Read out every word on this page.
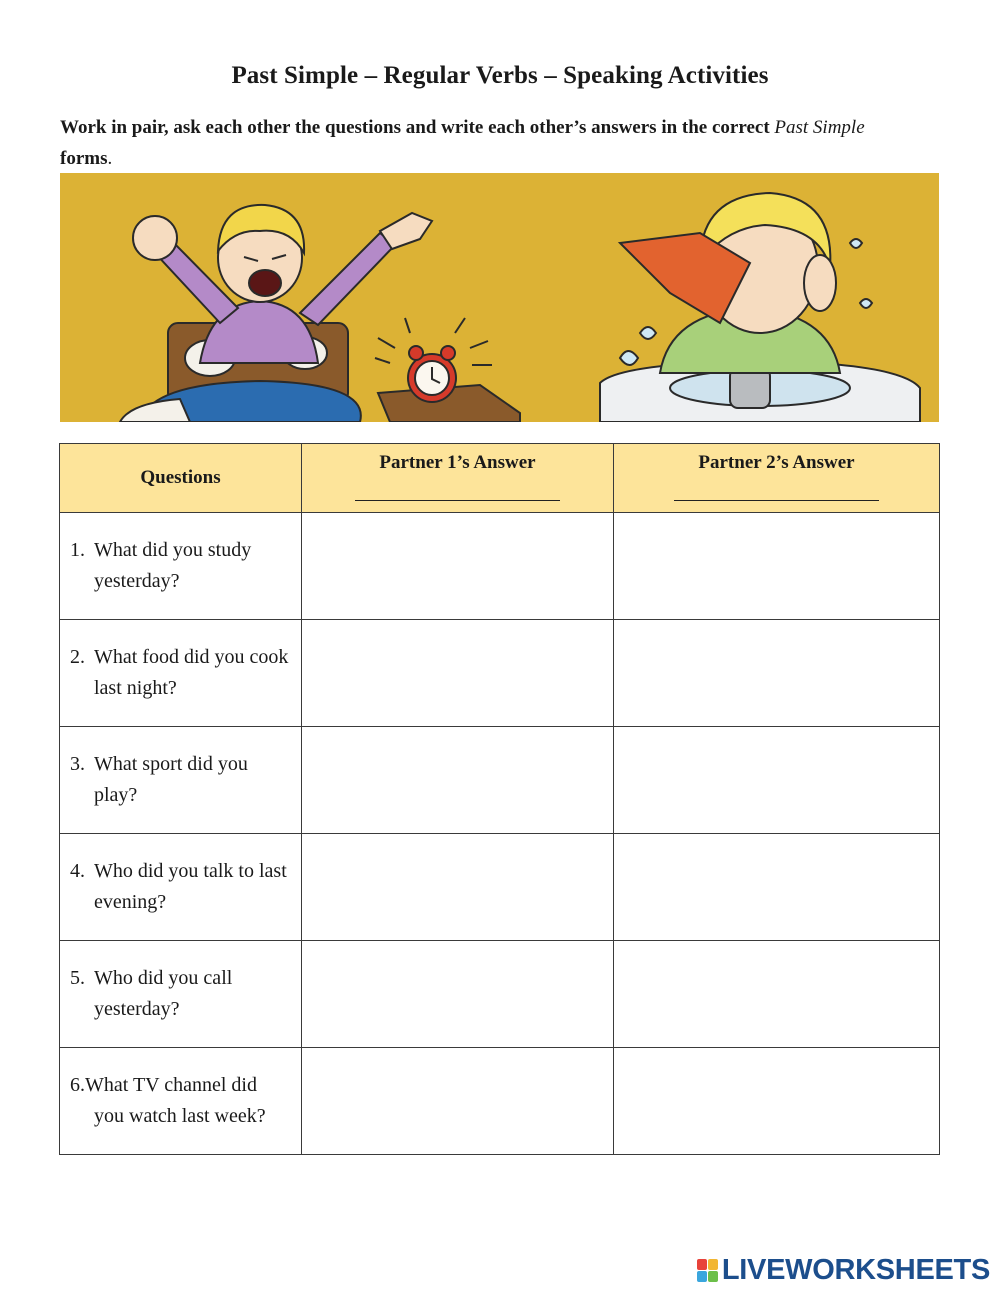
Past Simple – Regular Verbs – Speaking Activities
Work in pair, ask each other the questions and write each other’s answers in the correct Past Simple
forms.
Questions	Partner 1’s Answer	Partner 2’s Answer

1. What did you study yesterday?		

2. What food did you cook last night?		

3. What sport did you play?		

4. Who did you talk to last evening?		

5. Who did you call yesterday?		

6.What TV channel did
you watch last week?		

LIVEWORKSHEETS
